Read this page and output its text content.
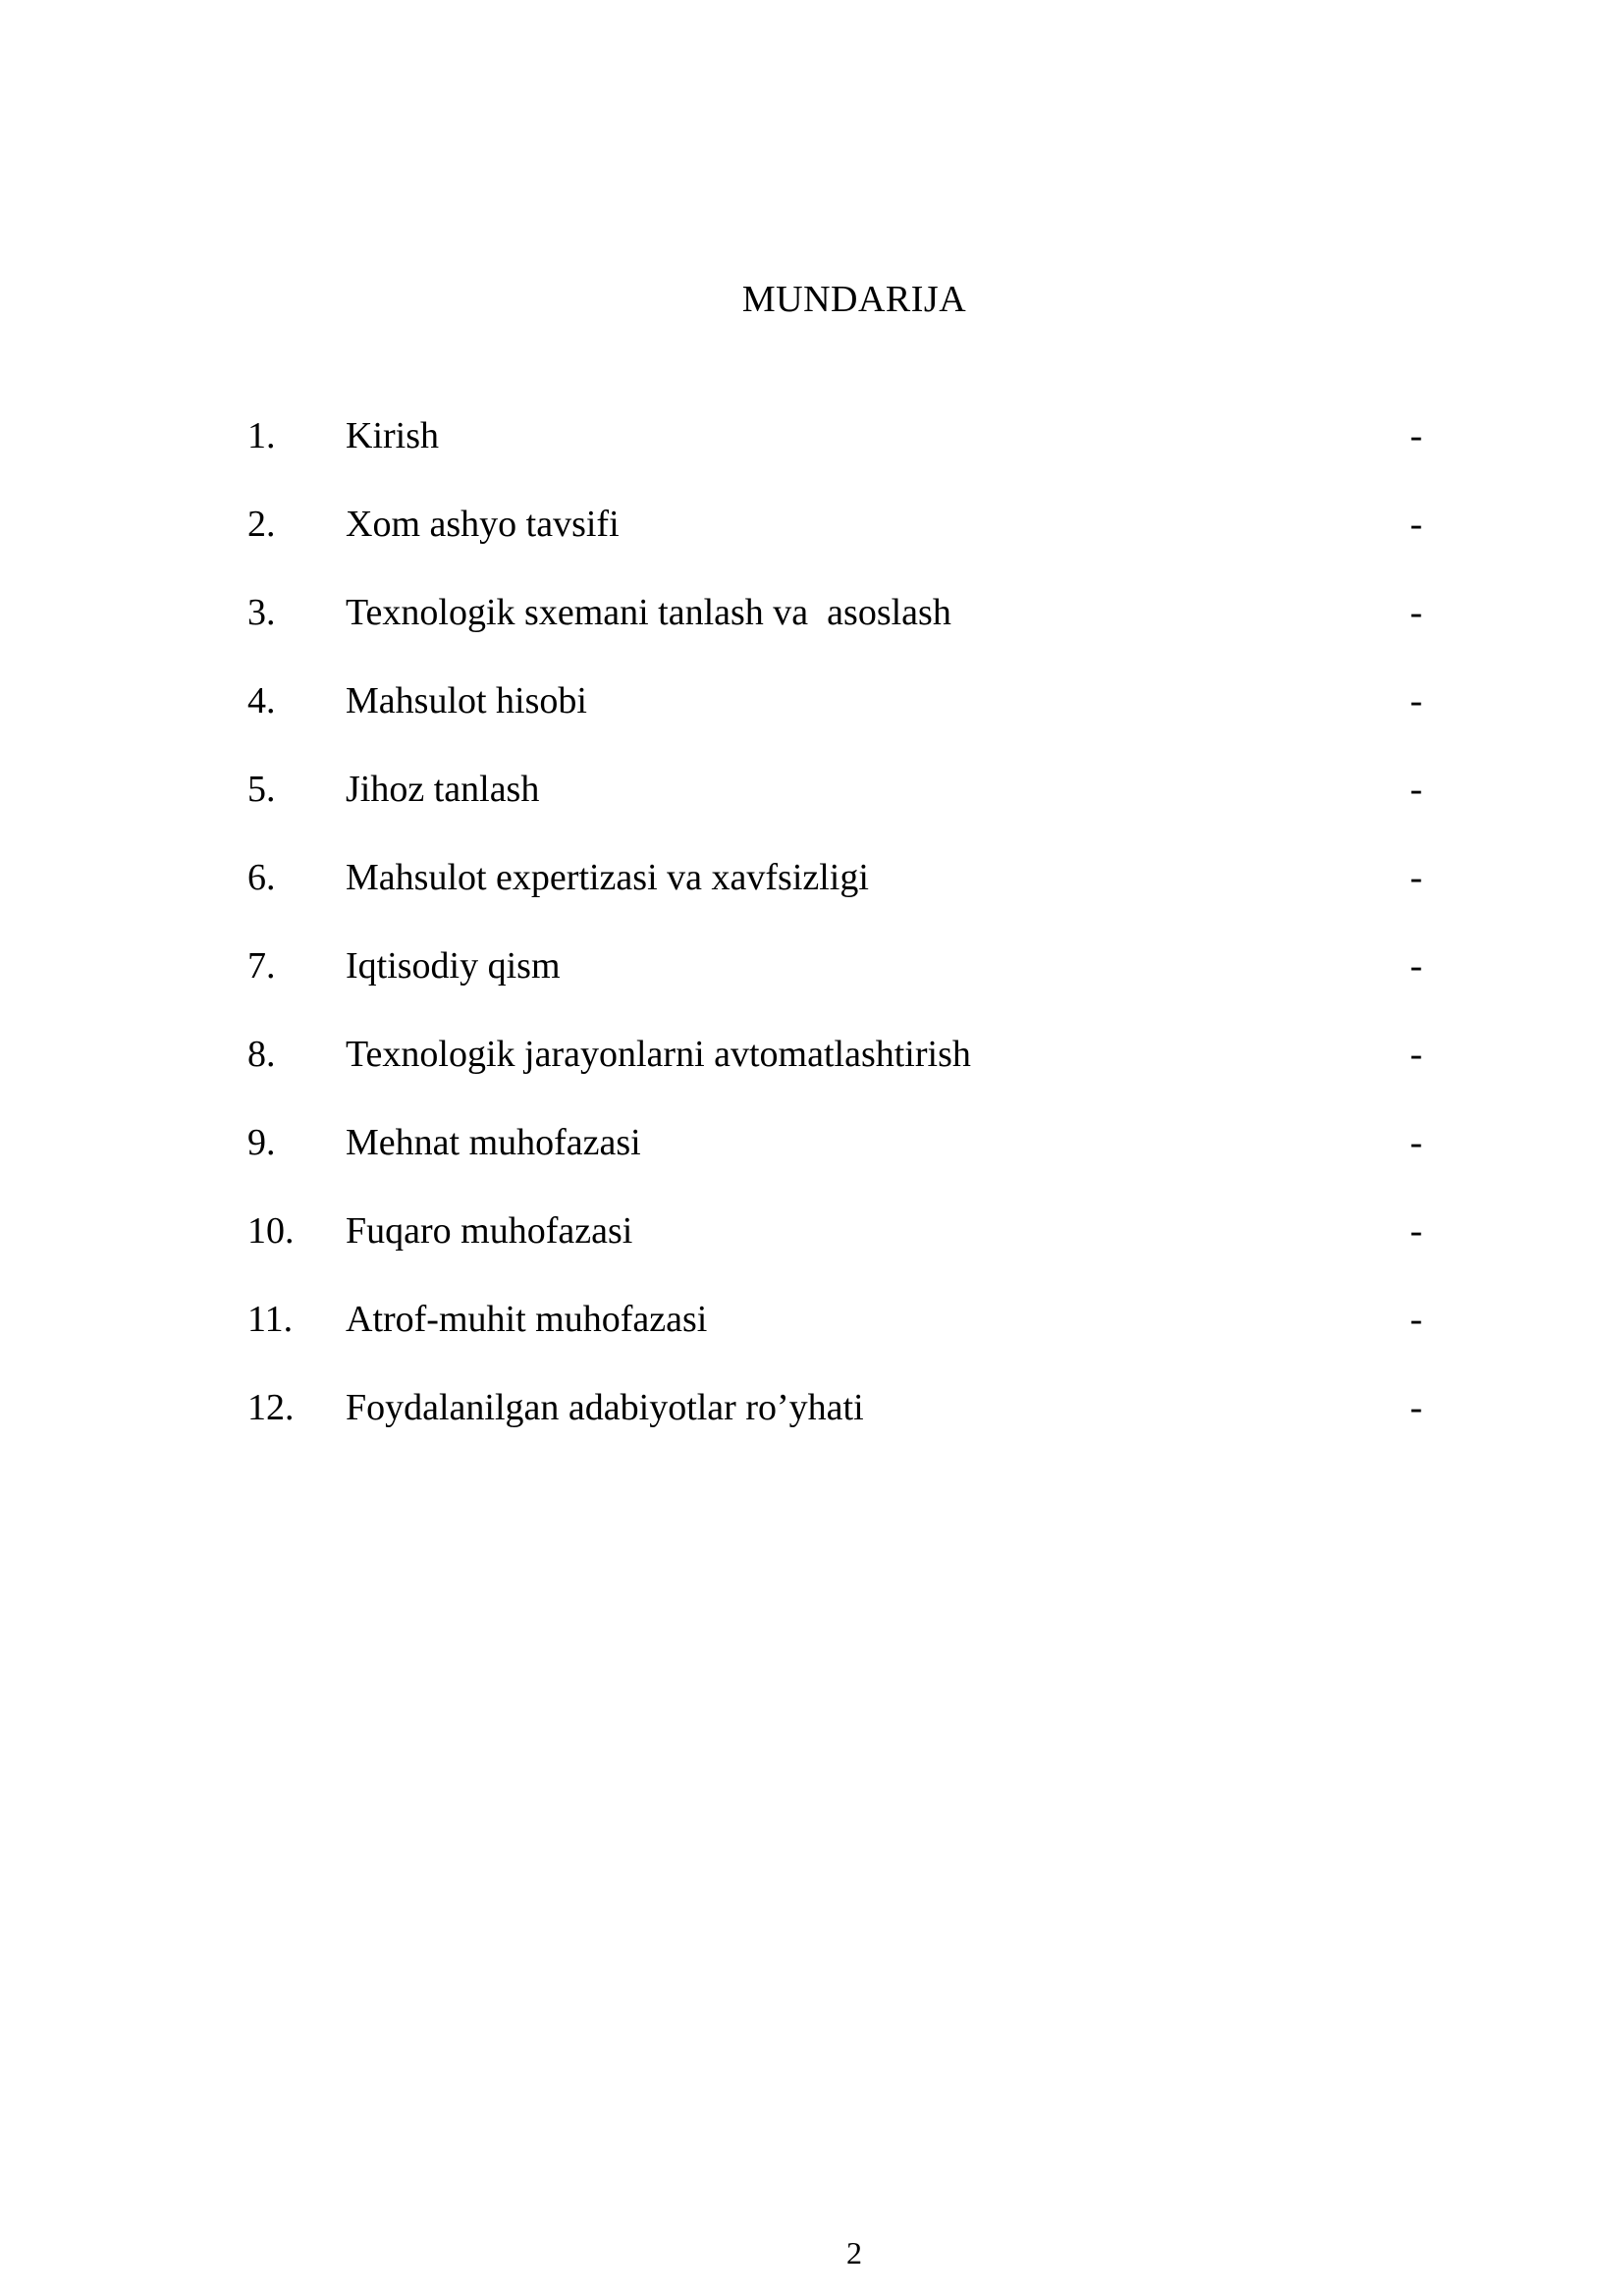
MUNDARIJA
1. Kirish	-
2. Xom ashyo tavsifi	-
3. Texnologik sxemani tanlash va  asoslash	-
4. Mahsulot hisobi	-
5. Jihoz tanlash	-
6. Mahsulot expertizasi va xavfsizligi	-
7. Iqtisodiy qism	-
8. Texnologik jarayonlarni avtomatlashtirish	-
9. Mehnat muhofazasi	-
10. Fuqaro muhofazasi	-
11. Atrof-muhit muhofazasi	-
12. Foydalanilgan adabiyotlar ro’yhati	-
2
